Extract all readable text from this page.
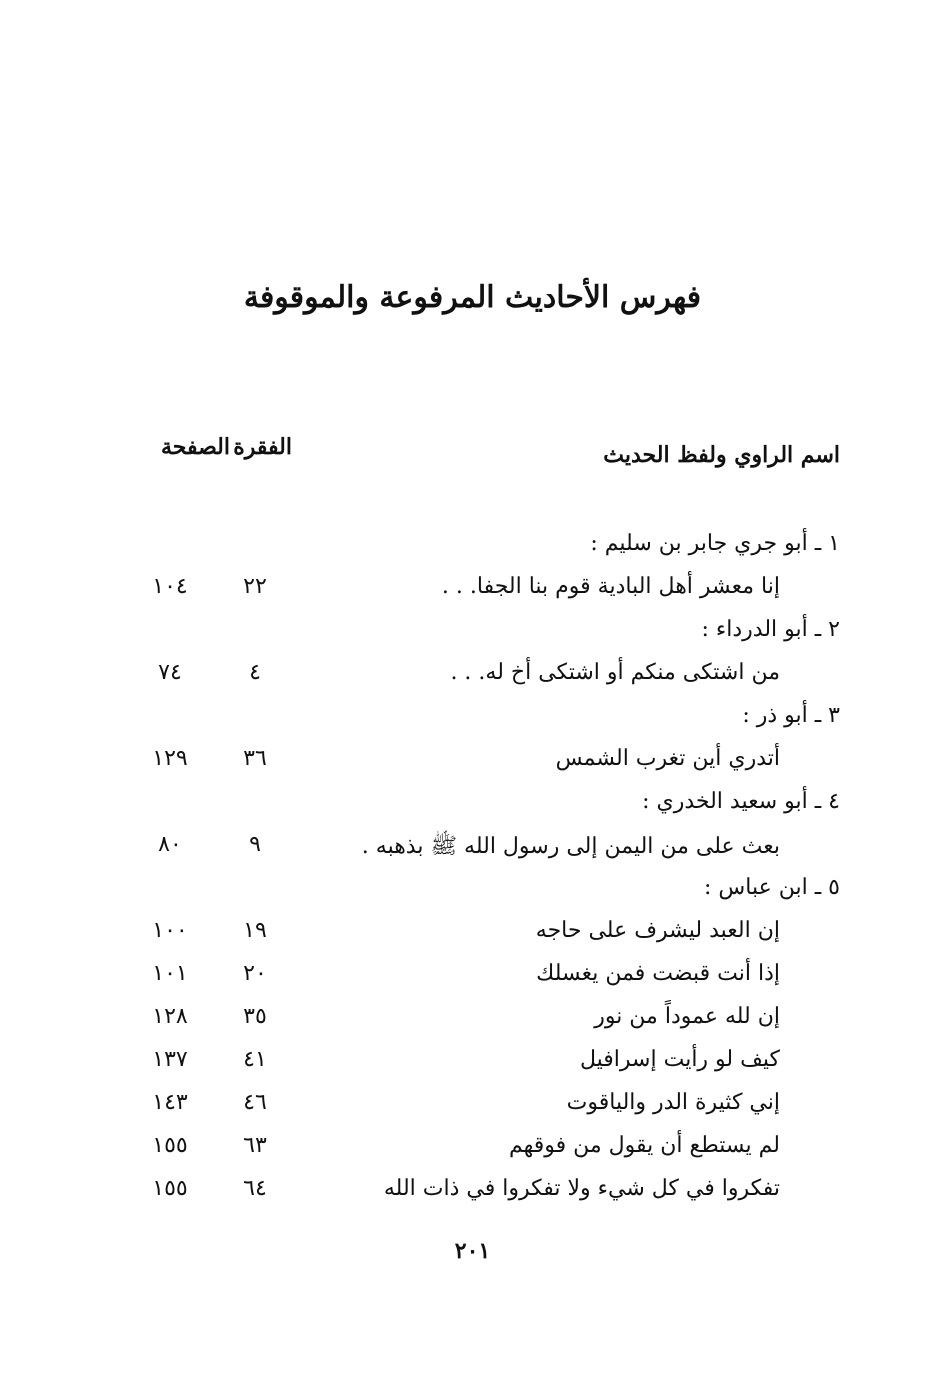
فهرس الأحاديث المرفوعة والموقوفة
اسم الراوي ولفظ الحديث
الفقرة
الصفحة
١ ـ أبو جري جابر بن سليم :
إنا معشر أهل البادية قوم بنا الجفا. . .
٢٢
١٠٤
٢ ـ أبو الدرداء :
من اشتكى منكم أو اشتكى أخ له. . .
٤
٧٤
٣ ـ أبو ذر :
أتدري أين تغرب الشمس
٣٦
١٢٩
٤ ـ أبو سعيد الخدري :
بعث على من اليمن إلى رسول الله ﷺ بذهبه .
٩
٨٠
٥ ـ ابن عباس :
إن العبد ليشرف على حاجه
١٩
١٠٠
إذا أنت قبضت فمن يغسلك
٢٠
١٠١
إن لله عموداً من نور
٣٥
١٢٨
كيف لو رأيت إسرافيل
٤١
١٣٧
إني كثيرة الدر والياقوت
٤٦
١٤٣
لم يستطع أن يقول من فوقهم
٦٣
١٥٥
تفكروا في كل شيء ولا تفكروا في ذات الله
٦٤
١٥٥
٢٠١
